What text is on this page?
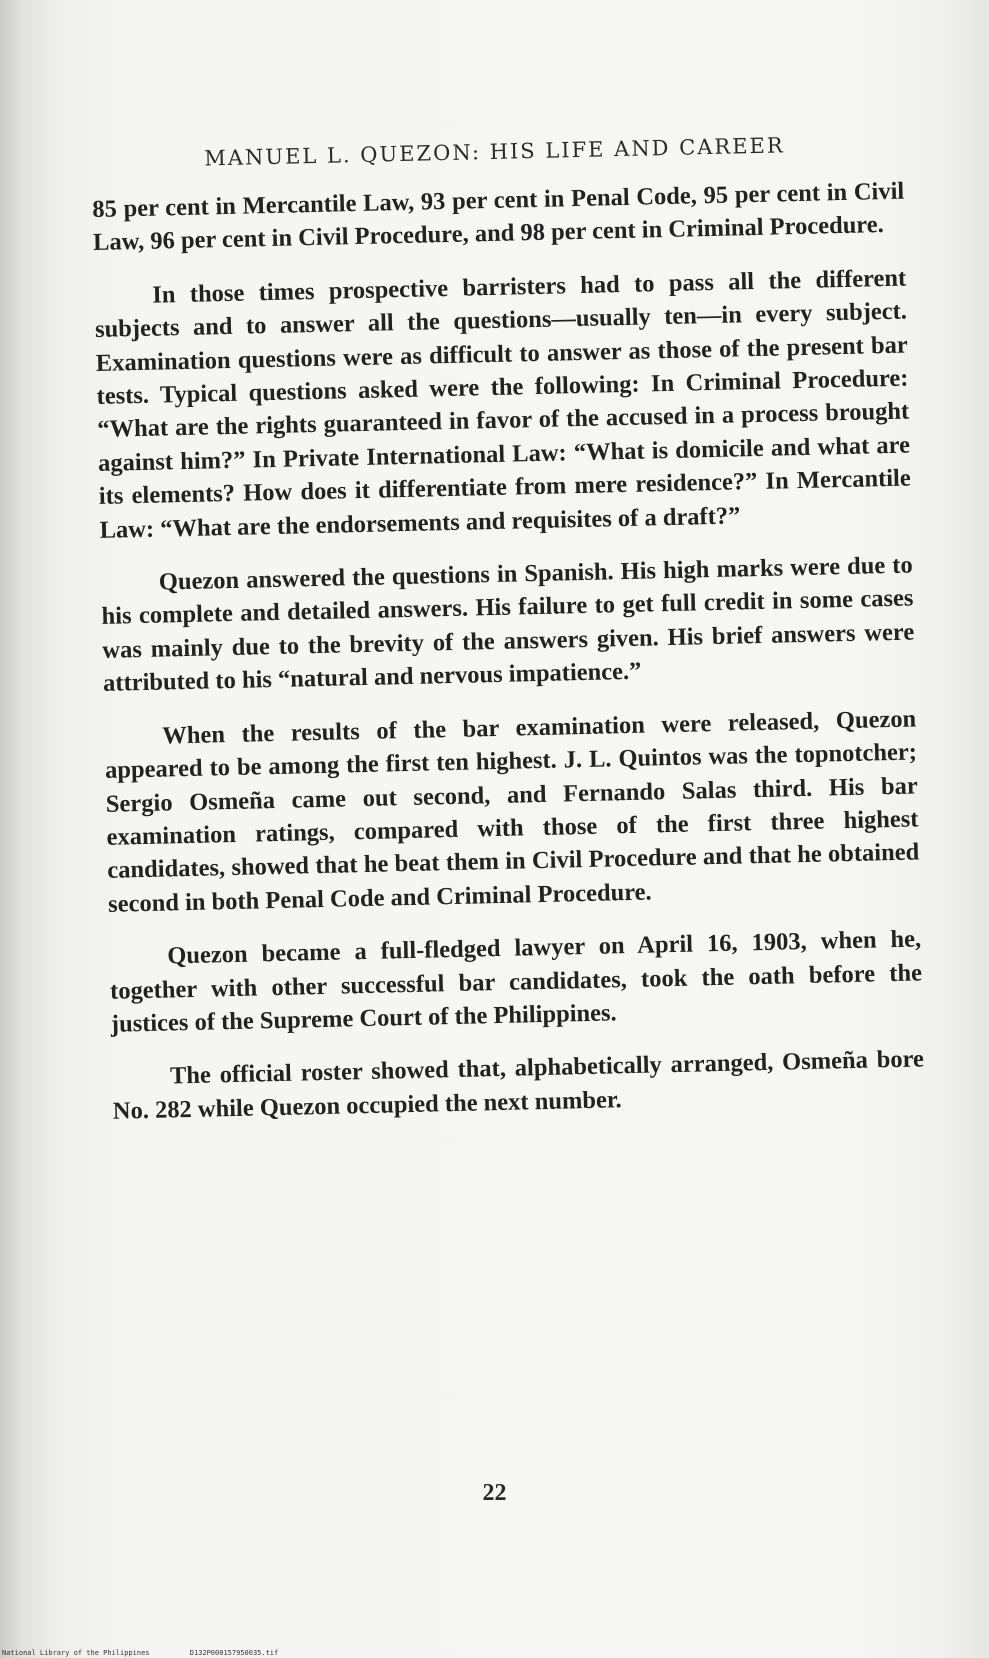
MANUEL L. QUEZON: HIS LIFE AND CAREER

85 per cent in Mercantile Law, 93 per cent in Penal Code, 95 per cent in Civil Law, 96 per cent in Civil Procedure, and 98 per cent in Criminal Procedure.

In those times prospective barristers had to pass all the different subjects and to answer all the questions—usually ten—in every subject. Examination questions were as difficult to answer as those of the present bar tests. Typical questions asked were the following: In Criminal Procedure: “What are the rights guaranteed in favor of the accused in a process brought against him?” In Private International Law: “What is domicile and what are its elements? How does it differentiate from mere residence?” In Mercantile Law: “What are the endorsements and requisites of a draft?”

Quezon answered the questions in Spanish. His high marks were due to his complete and detailed answers. His failure to get full credit in some cases was mainly due to the brevity of the answers given. His brief answers were attributed to his “natural and nervous impatience.”

When the results of the bar examination were released, Quezon appeared to be among the first ten highest. J. L. Quintos was the topnotcher; Sergio Osmeña came out second, and Fernando Salas third. His bar examination ratings, compared with those of the first three highest candidates, showed that he beat them in Civil Procedure and that he obtained second in both Penal Code and Criminal Procedure.

Quezon became a full-fledged lawyer on April 16, 1903, when he, together with other successful bar candidates, took the oath before the justices of the Supreme Court of the Philippines.

The official roster showed that, alphabetically arranged, Osmeña bore No. 282 while Quezon occupied the next number.

22
National Library of the Philippines	D132P000157950035.tif
